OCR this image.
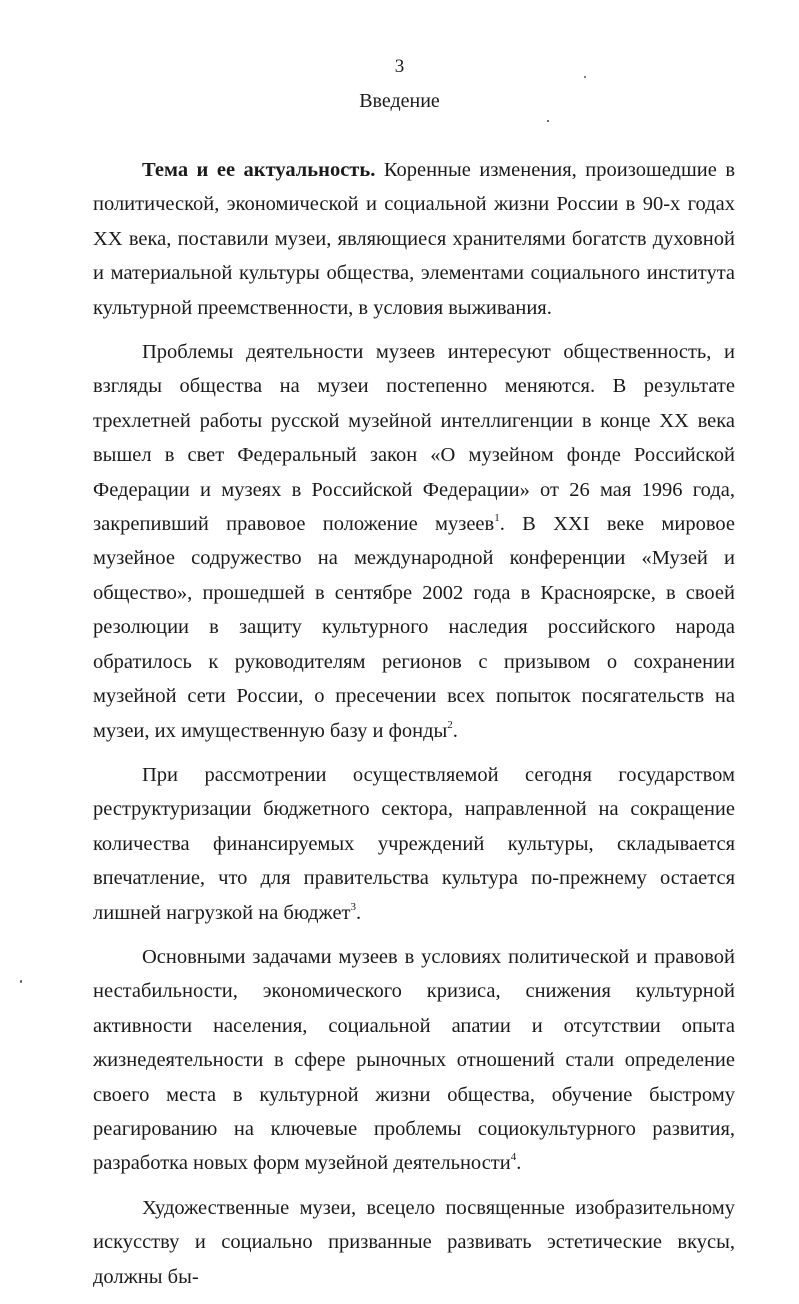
3
Введение

Тема и ее актуальность. Коренные изменения, произошедшие в политической, экономической и социальной жизни России в 90-х годах XX века, поставили музеи, являющиеся хранителями богатств духовной и материальной культуры общества, элементами социального института культурной преемственности, в условия выживания.

Проблемы деятельности музеев интересуют общественность, и взгляды общества на музеи постепенно меняются. В результате трехлетней работы русской музейной интеллигенции в конце XX века вышел в свет Федеральный закон «О музейном фонде Российской Федерации и музеях в Российской Федерации» от 26 мая 1996 года, закрепивший правовое положение музеев$^1$. В XXI веке мировое музейное содружество на международной конференции «Музей и общество», прошедшей в сентябре 2002 года в Красноярске, в своей резолюции в защиту культурного наследия российского народа обратилось к руководителям регионов с призывом о сохранении музейной сети России, о пресечении всех попыток посягательств на музеи, их имущественную базу и фонды$^2$.

При рассмотрении осуществляемой сегодня государством реструктуризации бюджетного сектора, направленной на сокращение количества финансируемых учреждений культуры, складывается впечатление, что для правительства культура по-прежнему остается лишней нагрузкой на бюджет$^3$.

Основными задачами музеев в условиях политической и правовой нестабильности, экономического кризиса, снижения культурной активности населения, социальной апатии и отсутствии опыта жизнедеятельности в сфере рыночных отношений стали определение своего места в культурной жизни общества, обучение быстрому реагированию на ключевые проблемы социокультурного развития, разработка новых форм музейной деятельности$^4$.

Художественные музеи, всецело посвященные изобразительному искусству и социально призванные развивать эстетические вкусы, должны бы-
